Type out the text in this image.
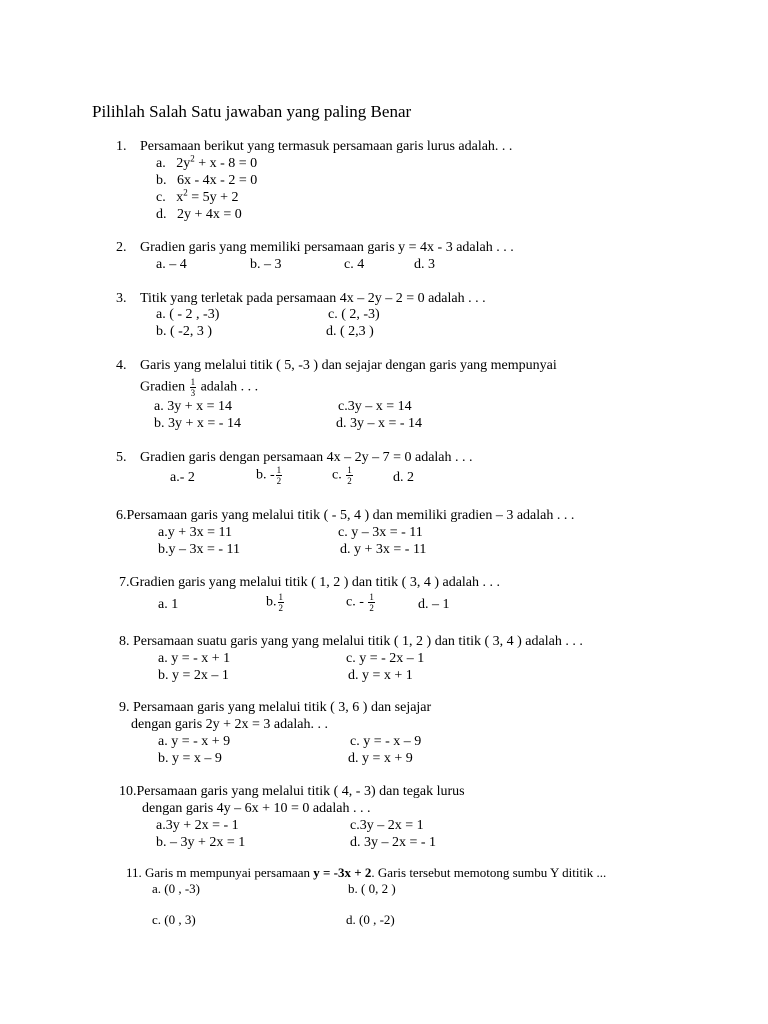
Pilihlah Salah Satu jawaban yang paling Benar
1. Persamaan berikut yang termasuk persamaan garis lurus adalah. . .
a. $2y^2 + x - 8 = 0$
b. 6x - 4x - 2 = 0
c. $x^2 = 5y + 2$
d. 2y + 4x = 0
2. Gradien garis yang memiliki persamaan garis y = 4x - 3 adalah . . .
a. – 4	b. – 3	c. 4	d. 3
3. Titik yang terletak pada persamaan 4x – 2y – 2 = 0 adalah . . .
a. ( - 2 , -3)	c. ( 2, -3)
b. ( -2, 3 )	d. ( 2,3 )
4. Garis yang melalui titik ( 5, -3 ) dan sejajar dengan garis yang mempunyai
Gradien $\frac{1}{3}$ adalah . . .
a. 3y + x = 14	c.3y – x = 14
b. 3y + x = - 14	d. 3y – x = - 14
5. Gradien garis dengan persamaan 4x – 2y – 7 = 0 adalah . . .
a.- 2	b. - $\frac{1}{2}$	c. $\frac{1}{2}$	d. 2
6.Persamaan garis yang melalui titik ( - 5, 4 ) dan memiliki gradien – 3 adalah . . .
a.y + 3x = 11	c. y – 3x = - 11
b.y – 3x = - 11	d. y + 3x = - 11
7.Gradien garis yang melalui titik ( 1, 2 ) dan titik ( 3, 4 ) adalah . . .
a. 1	b. $\frac{1}{2}$	c. - $\frac{1}{2}$	d. – 1
8. Persamaan suatu garis yang yang melalui titik ( 1, 2 ) dan titik ( 3, 4 ) adalah . . .
a. y = - x + 1	c. y = - 2x – 1
b. y = 2x – 1	d. y = x + 1
9. Persamaan garis yang melalui titik ( 3, 6 ) dan sejajar
dengan garis 2y + 2x = 3 adalah. . .
a. y = - x + 9	c. y = - x – 9
b. y = x – 9	d. y = x + 9
10.Persamaan garis yang melalui titik ( 4, - 3) dan tegak lurus
dengan garis 4y – 6x + 10 = 0 adalah . . .
a.3y + 2x = - 1	c.3y – 2x = 1
b. – 3y + 2x = 1	d. 3y – 2x = - 1
11. Garis m mempunyai persamaan y = -3x + 2. Garis tersebut memotong sumbu Y dititik ...
a. (0 , -3)	b. ( 0, 2 )
c. (0 , 3)	d. (0 , -2)
